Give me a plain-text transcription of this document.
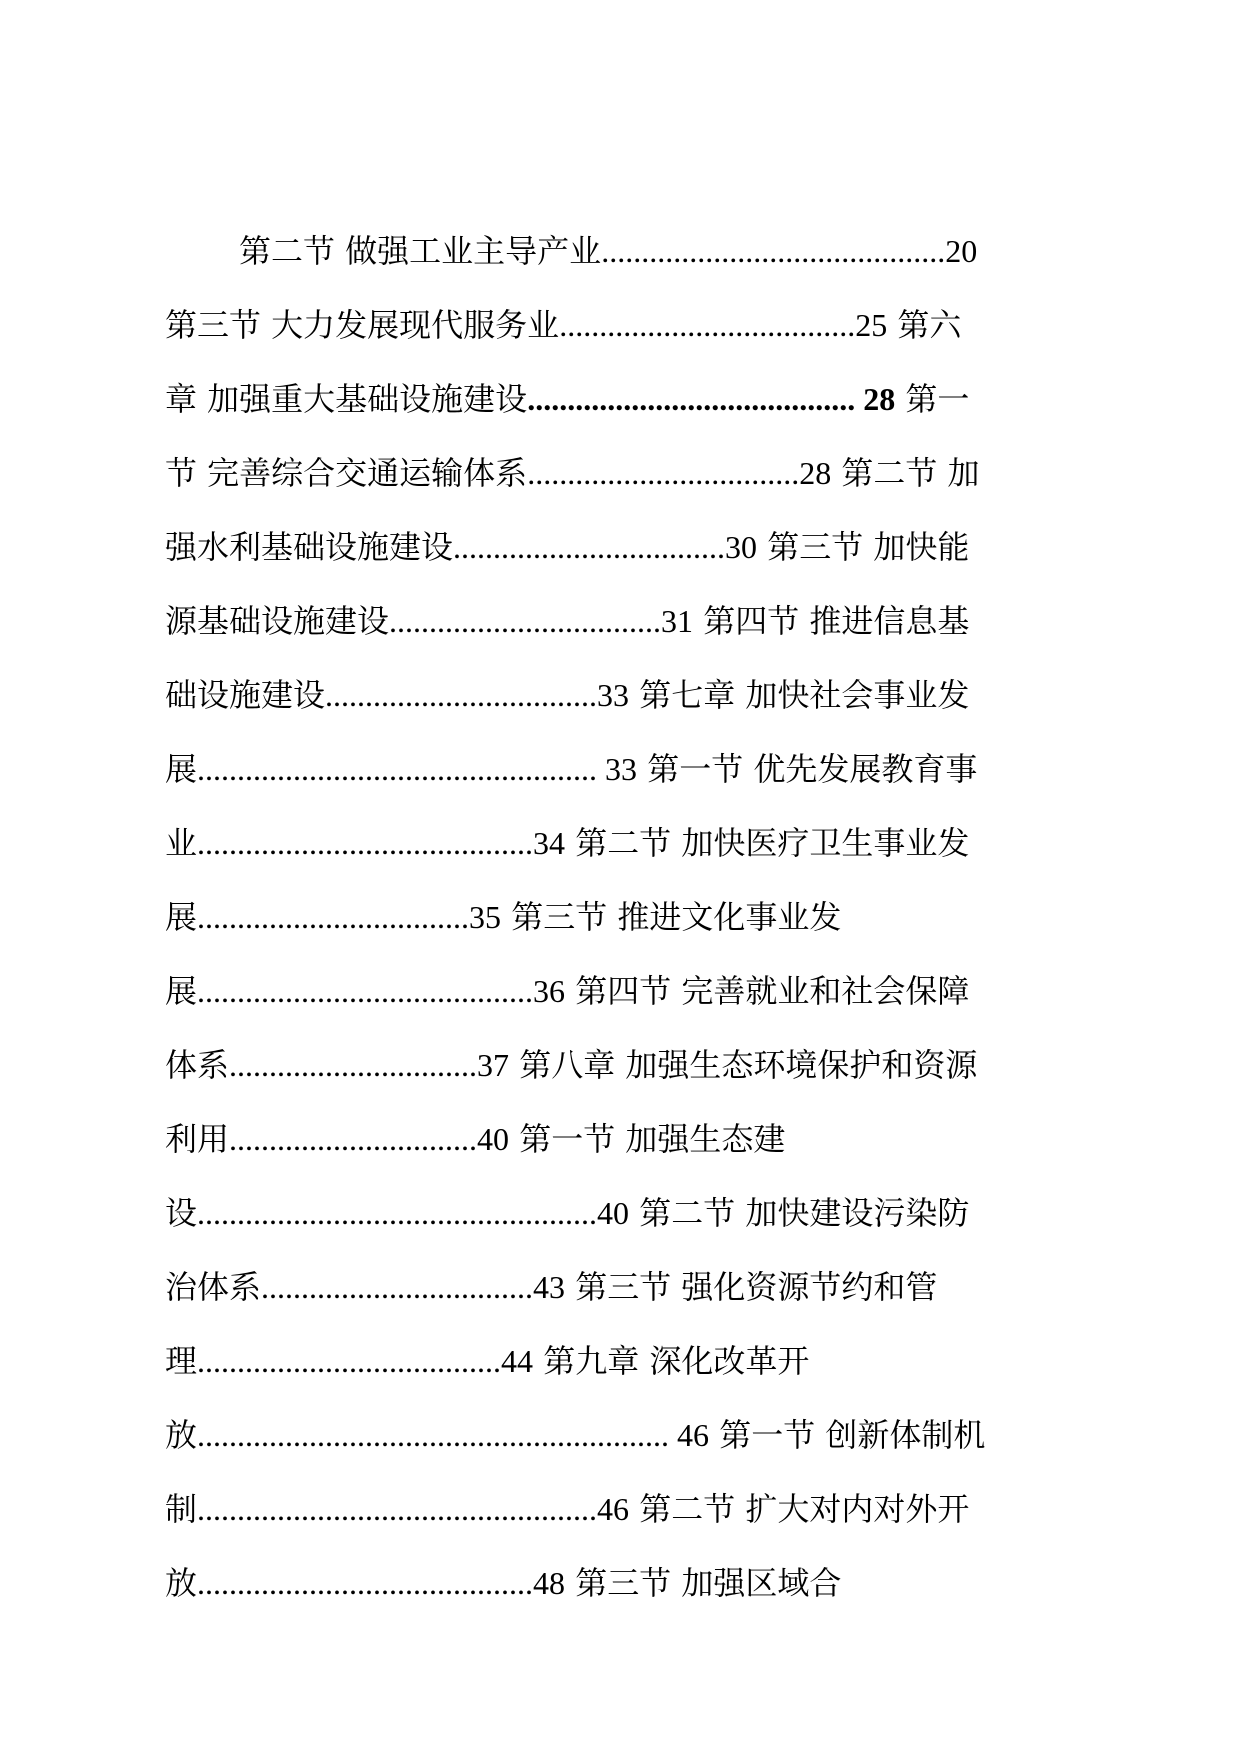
第二节 做强工业主导产业...........................................20
第三节 大力发展现代服务业.....................................25 第六
章 加强重大基础设施建设......................................... 28 第一
节 完善综合交通运输体系..................................28 第二节 加
强水利基础设施建设..................................30 第三节 加快能
源基础设施建设..................................31 第四节 推进信息基
础设施建设..................................33 第七章 加快社会事业发
展.................................................. 33 第一节 优先发展教育事
业..........................................34 第二节 加快医疗卫生事业发
展..................................35 第三节 推进文化事业发
展..........................................36 第四节 完善就业和社会保障
体系...............................37 第八章 加强生态环境保护和资源
利用...............................40 第一节 加强生态建
设..................................................40 第二节 加快建设污染防
治体系..................................43 第三节 强化资源节约和管
理......................................44 第九章 深化改革开
放........................................................... 46 第一节 创新体制机
制..................................................46 第二节 扩大对内对外开
放..........................................48 第三节 加强区域合
